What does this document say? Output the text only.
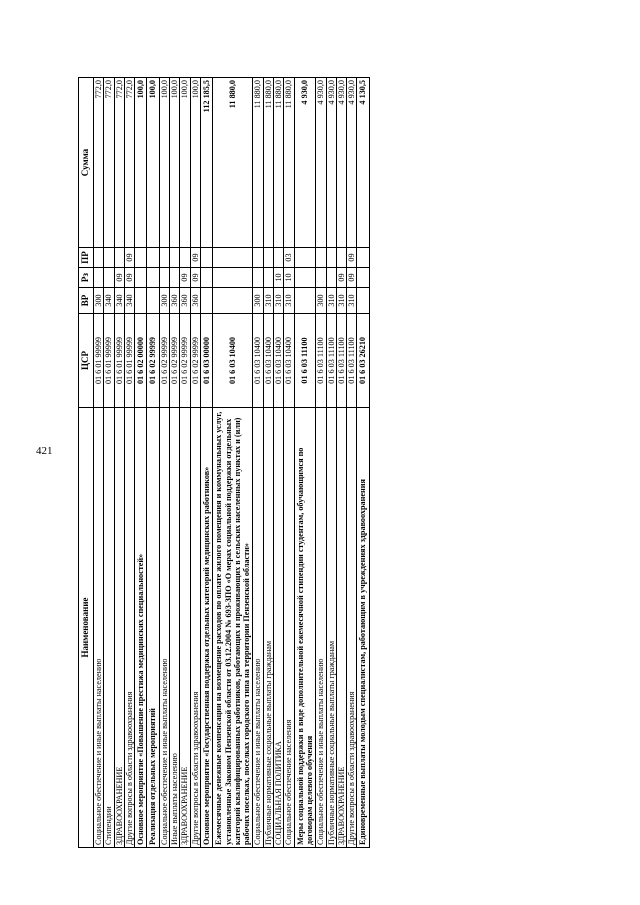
421
Наименование	ЦСР	ВР	Рз	ПР	Сумма
Социальное обеспечение и иные выплаты населению	01 6 01 99999	300			772,0
Стипендии	01 6 01 99999	340			772,0
ЗДРАВООХРАНЕНИЕ	01 6 01 99999	340	09		772,0
Другие вопросы в области здравоохранения	01 6 01 99999	340	09	09	772,0
Основное мероприятие «Повышение престижа медицинских специальностей»	01 6 02 00000				100,0
Реализация отдельных мероприятий	01 6 02 99999				100,0
Социальное обеспечение и иные выплаты населению	01 6 02 99999	300			100,0
Иные выплаты населению	01 6 02 99999	360			100,0
ЗДРАВООХРАНЕНИЕ	01 6 02 99999	360	09		100,0
Другие вопросы в области здравоохранения	01 6 02 99999	360	09	09	100,0
Основное мероприятие «Государственная поддержка отдельных категорий медицинских работников»	01 6 03 00000				112 185,5
Ежемесячные денежные компенсации на возмещение расходов по оплате жилого помещения и коммунальных услуг, установленные Законом Пензенской области от 03.12.2004 № 693-ЗПО «О мерах социальной поддержки отдельных категорий квалифицированных работников, работающих и проживающих в сельских населенных пунктах и (или) рабочих поселках, поселках городского типа на территории Пензенской области»	01 6 03 10400				11 880,0
Социальное обеспечение и иные выплаты населению	01 6 03 10400	300			11 880,0
Публичные нормативные социальные выплаты гражданам	01 6 03 10400	310			11 880,0
СОЦИАЛЬНАЯ ПОЛИТИКА	01 6 03 10400	310	10		11 880,0
Социальное обеспечение населения	01 6 03 10400	310	10	03	11 880,0
Меры социальной поддержки в виде дополнительной ежемесячной стипендии студентам, обучающимся по договорам целевого обучения	01 6 03 11100				4 930,0
Социальное обеспечение и иные выплаты населению	01 6 03 11100	300			4 930,0
Публичные нормативные социальные выплаты гражданам	01 6 03 11100	310			4 930,0
ЗДРАВООХРАНЕНИЕ	01 6 03 11100	310	09		4 930,0
Другие вопросы в области здравоохранения	01 6 03 11100	310	09	09	4 930,0
Единовременные выплаты молодым специалистам, работающим в учреждениях здравоохранения	01 6 03 26210				4 130,5
